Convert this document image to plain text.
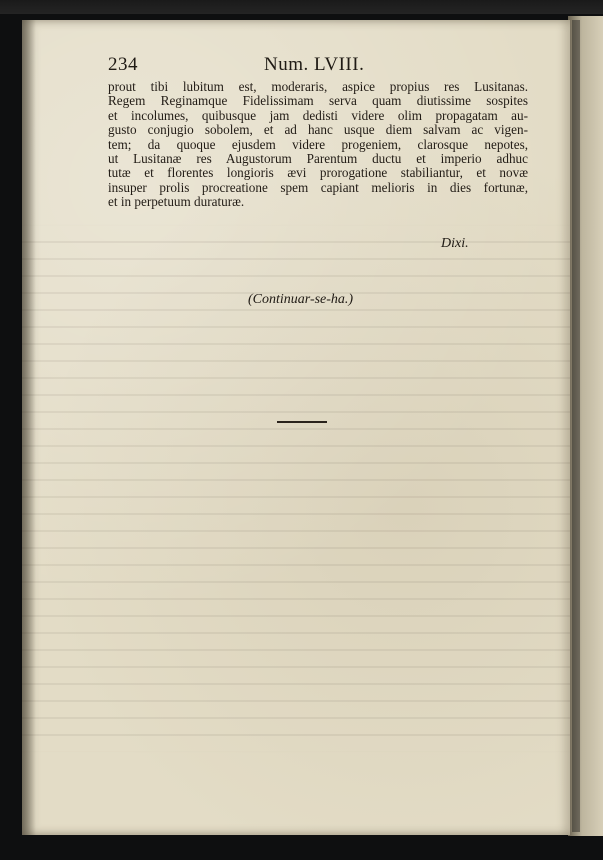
234	Num. LVIII.
prout tibi lubitum est, moderaris, aspice propius res Lusitanas.
Regem Reginamque Fidelissimam serva quam diutissime sospites
et incolumes, quibusque jam dedisti videre olim propagatam au-
gusto conjugio sobolem, et ad hanc usque diem salvam ac vigen-
tem; da quoque ejusdem videre progeniem, clarosque nepotes,
ut Lusitanæ res Augustorum Parentum ductu et imperio adhuc
tutæ et florentes longioris ævi prorogatione stabiliantur, et novæ
insuper prolis procreatione spem capiant melioris in dies fortunæ,
et in perpetuum duraturæ.
Dixi.
(Continuar-se-ha.)
